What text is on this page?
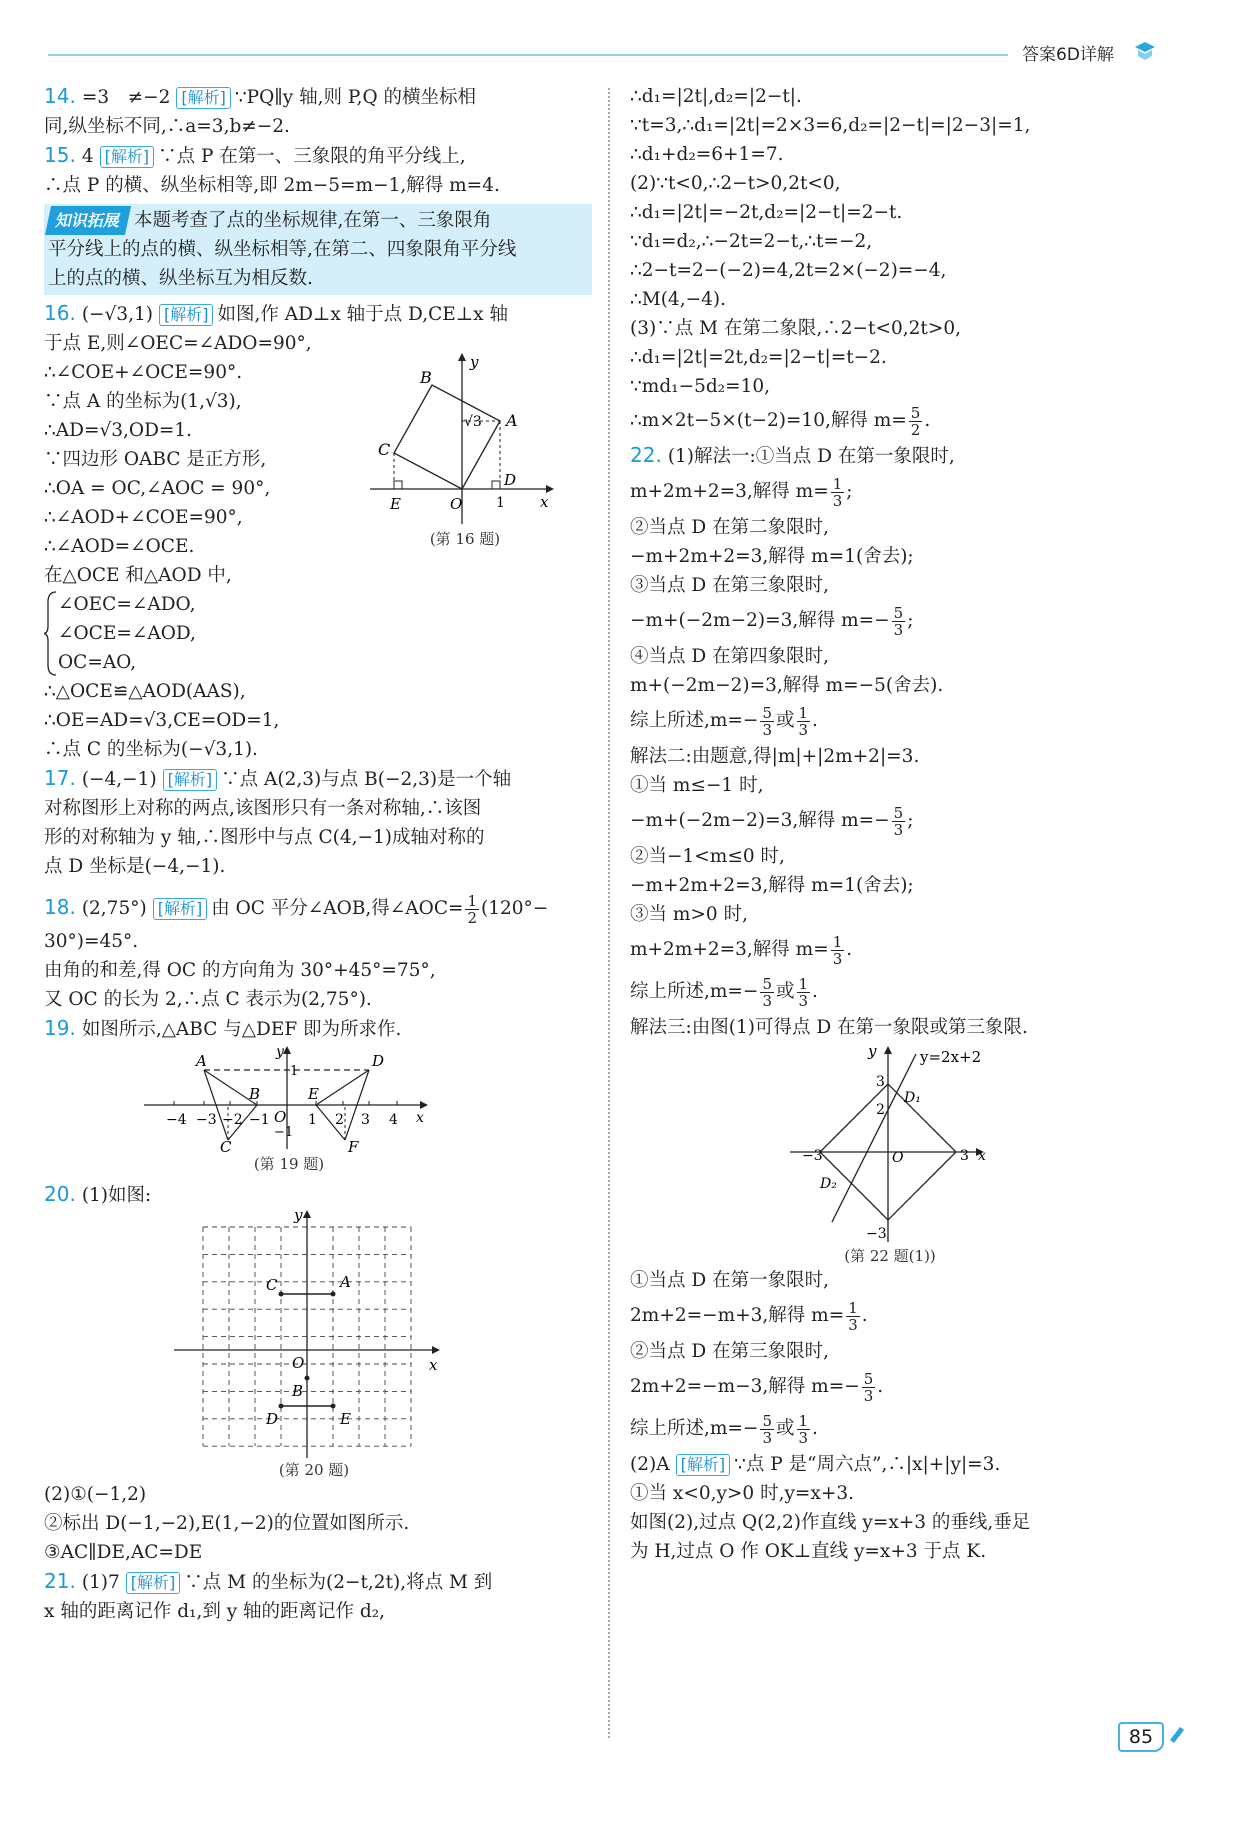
答案6D详解
14. =3　≠−2 [解析] ∵PQ∥y 轴,则 P,Q 的横坐标相
同,纵坐标不同,∴a=3,b≠−2.
15. 4 [解析] ∵点 P 在第一、三象限的角平分线上,
∴点 P 的横、纵坐标相等,即 2m−5=m−1,解得 m=4.
知识拓展 本题考查了点的坐标规律,在第一、三象限角
平分线上的点的横、纵坐标相等,在第二、四象限角平分线
上的点的横、纵坐标互为相反数.
16. (−√3,1) [解析] 如图,作 AD⊥x 轴于点 D,CE⊥x 轴
于点 E,则∠OEC=∠ADO=90°,
∴∠COE+∠OCE=90°.
∵点 A 的坐标为(1,√3),
∴AD=√3,OD=1.
∵四边形 OABC 是正方形,
∴OA = OC,∠AOC = 90°,
∴∠AOD+∠COE=90°,
∴∠AOD=∠OCE.
在△OCE 和△AOD 中,
y
x
B
A
C
E	O
D
1
√3
(第 16 题)
∠OEC=∠ADO,
∠OCE=∠AOD,
OC=AO,
∴△OCE≌△AOD(AAS),
∴OE=AD=√3,CE=OD=1,
∴点 C 的坐标为(−√3,1).
17. (−4,−1) [解析] ∵点 A(2,3)与点 B(−2,3)是一个轴
对称图形上对称的两点,该图形只有一条对称轴,∴该图
形的对称轴为 y 轴,∴图形中与点 C(4,−1)成轴对称的
点 D 坐标是(−4,−1).
18. (2,75°) [解析] 由 OC 平分∠AOB,得∠AOC= $\frac{1}{2} (120^\circ-$
30°)=45°.
由角的和差,得 OC 的方向角为 30°+45°=75°,
又 OC 的长为 2,∴点 C 表示为(2,75°).
19. 如图所示,△ABC 与△DEF 即为所求作.
A
B
C
D
E
F
O
y
x
1
−1
−4 −3 −2 −1	1 2 3 4
(第 19 题)
20. (1)如图:
y
x
O
A
B
C
D	E
(第 20 题)
(2)①(−1,2)
②标出 D(−1,−2),E(1,−2)的位置如图所示.
③AC∥DE,AC=DE
21. (1)7 [解析] ∵点 M 的坐标为(2−t,2t),将点 M 到
x 轴的距离记作 d₁,到 y 轴的距离记作 d₂,
∴d₁=|2t|,d₂=|2−t|.
∵t=3,∴d₁=|2t|=2×3=6,d₂=|2−t|=|2−3|=1,
∴d₁+d₂=6+1=7.
(2)∵t<0,∴2−t>0,2t<0,
∴d₁=|2t|=−2t,d₂=|2−t|=2−t.
∵d₁=d₂,∴−2t=2−t,∴t=−2,
∴2−t=2−(−2)=4,2t=2×(−2)=−4,
∴M(4,−4).
(3)∵点 M 在第二象限,∴2−t<0,2t>0,
∴d₁=|2t|=2t,d₂=|2−t|=t−2.
∵md₁−5d₂=10,
∴m×2t−5×(t−2)=10,解得 $m= \frac{5}{2}$ .
22. (1)解法一:①当点 D 在第一象限时,
m+2m+2=3,解得 $m= \frac{1}{3}$ ;
②当点 D 在第二象限时,
−m+2m+2=3,解得 m=1(舍去);
③当点 D 在第三象限时,
−m+(−2m−2)=3,解得 $m=- \frac{5}{3}$ ;
④当点 D 在第四象限时,
m+(−2m−2)=3,解得 m=−5(舍去).
综上所述$,m=- \frac{5}{3}$ 或 $\frac{1}{3}$ .
解法二:由题意,得|m|+|2m+2|=3.
①当 m≤−1 时,
−m+(−2m−2)=3,解得 $m=- \frac{5}{3}$ ;
②当−1<m≤0 时,
−m+2m+2=3,解得 m=1(舍去);
③当 m>0 时,
m+2m+2=3,解得 $m= \frac{1}{3}$ .
综上所述$,m=- \frac{5}{3}$ 或 $\frac{1}{3}$ .
解法三:由图(1)可得点 D 在第一象限或第三象限.
y	y=2x+2
3
2
D₁
−3	3 x
O
D₂
−3
(第 22 题(1))
①当点 D 在第一象限时,
2m+2=−m+3,解得 $m= \frac{1}{3}$ .
②当点 D 在第三象限时,
2m+2=−m−3,解得 $m=- \frac{5}{3}$ .
综上所述$,m=- \frac{5}{3}$ 或 $\frac{1}{3}$ .
(2)A [解析] ∵点 P 是“周六点”,∴|x|+|y|=3.
①当 x<0,y>0 时,y=x+3.
如图(2),过点 Q(2,2)作直线 y=x+3 的垂线,垂足
为 H,过点 O 作 OK⊥直线 y=x+3 于点 K.
85
